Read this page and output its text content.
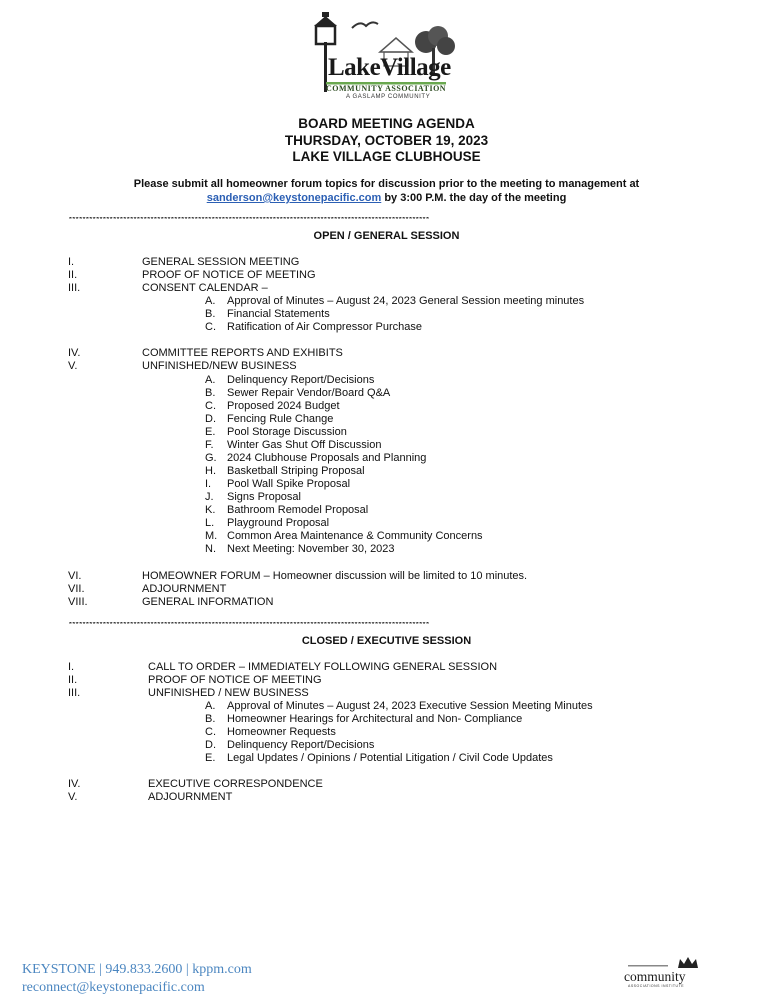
LakeVillage
COMMUNITY ASSOCIATION
A GASLAMP COMMUNITY
BOARD MEETING AGENDA
THURSDAY, OCTOBER 19, 2023
LAKE VILLAGE CLUBHOUSE
Please submit all homeowner forum topics for discussion prior to the meeting to management at
sanderson@keystonepacific.com by 3:00 P.M. the day of the meeting
**********************************************************************************************************
OPEN / GENERAL SESSION
I.	GENERAL SESSION MEETING
II.	PROOF OF NOTICE OF MEETING
III.	CONSENT CALENDAR –
A. Approval of Minutes – August 24, 2023 General Session meeting minutes
B. Financial Statements
C. Ratification of Air Compressor Purchase
IV.	COMMITTEE REPORTS AND EXHIBITS
V.	UNFINISHED/NEW BUSINESS
A. Delinquency Report/Decisions
B. Sewer Repair Vendor/Board Q&A
C. Proposed 2024 Budget
D. Fencing Rule Change
E. Pool Storage Discussion
F. Winter Gas Shut Off Discussion
G. 2024 Clubhouse Proposals and Planning
H. Basketball Striping Proposal
I. Pool Wall Spike Proposal
J. Signs Proposal
K. Bathroom Remodel Proposal
L. Playground Proposal
M. Common Area Maintenance & Community Concerns
N. Next Meeting: November 30, 2023
VI.	HOMEOWNER FORUM – Homeowner discussion will be limited to 10 minutes.
VII.	ADJOURNMENT
VIII.	GENERAL INFORMATION
**********************************************************************************************************
CLOSED / EXECUTIVE SESSION
I.	CALL TO ORDER – IMMEDIATELY FOLLOWING GENERAL SESSION
II.	PROOF OF NOTICE OF MEETING
III.	UNFINISHED / NEW BUSINESS
A. Approval of Minutes – August 24, 2023 Executive Session Meeting Minutes
B. Homeowner Hearings for Architectural and Non- Compliance
C. Homeowner Requests
D. Delinquency Report/Decisions
E. Legal Updates / Opinions / Potential Litigation / Civil Code Updates
IV.	EXECUTIVE CORRESPONDENCE
V.	ADJOURNMENT
KEYSTONE | 949.833.2600 | kppm.com
reconnect@keystonepacific.com
community
ASSOCIATIONS INSTITUTE
